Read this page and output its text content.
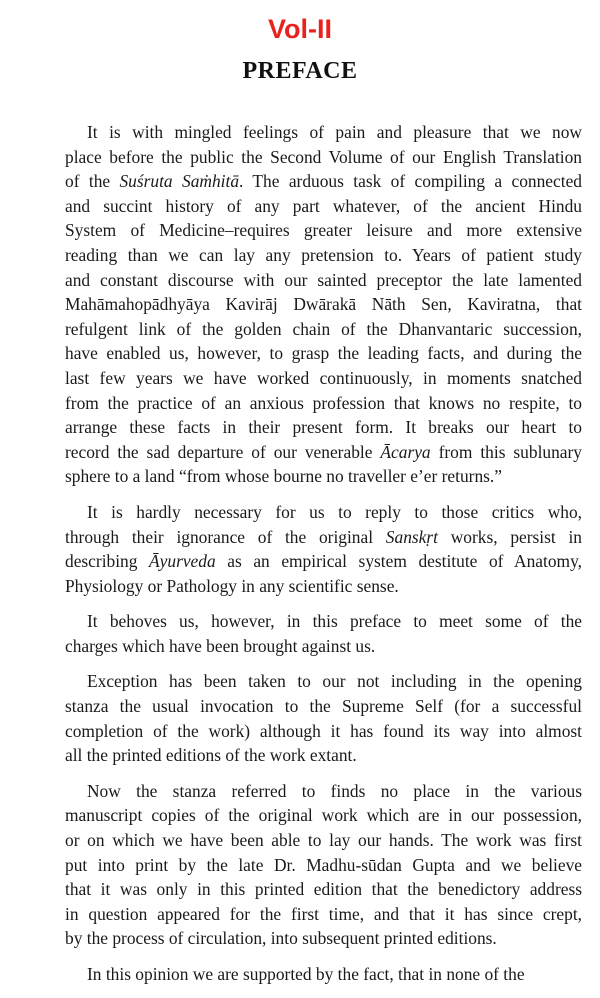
Vol-II
PREFACE
It is with mingled feelings of pain and pleasure that we now
place before the public the Second Volume of our English Translation
of the Suśruta Saṁhitā. The arduous task of compiling a connected
and succint history of any part whatever, of the ancient Hindu
System of Medicine–requires greater leisure and more extensive
reading than we can lay any pretension to. Years of patient study
and constant discourse with our sainted preceptor the late lamented
Mahāmahopādhyāya Kavirāj Dwārakā Nāth Sen, Kaviratna, that
refulgent link of the golden chain of the Dhanvantaric succession,
have enabled us, however, to grasp the leading facts, and during the
last few years we have worked continuously, in moments snatched
from the practice of an anxious profession that knows no respite, to
arrange these facts in their present form. It breaks our heart to
record the sad departure of our venerable Ācarya from this sublunary
sphere to a land “from whose bourne no traveller e’er returns.”
It is hardly necessary for us to reply to those critics who,
through their ignorance of the original Sanskṛt works, persist in
describing Āyurveda as an empirical system destitute of Anatomy,
Physiology or Pathology in any scientific sense.
It behoves us, however, in this preface to meet some of the
charges which have been brought against us.
Exception has been taken to our not including in the opening
stanza the usual invocation to the Supreme Self (for a successful
completion of the work) although it has found its way into almost
all the printed editions of the work extant.
Now the stanza referred to finds no place in the various
manuscript copies of the original work which are in our possession,
or on which we have been able to lay our hands. The work was first
put into print by the late Dr. Madhu-sūdan Gupta and we believe
that it was only in this printed edition that the benedictory address
in question appeared for the first time, and that it has since crept,
by the process of circulation, into subsequent printed editions.
In this opinion we are supported by the fact, that in none of the
